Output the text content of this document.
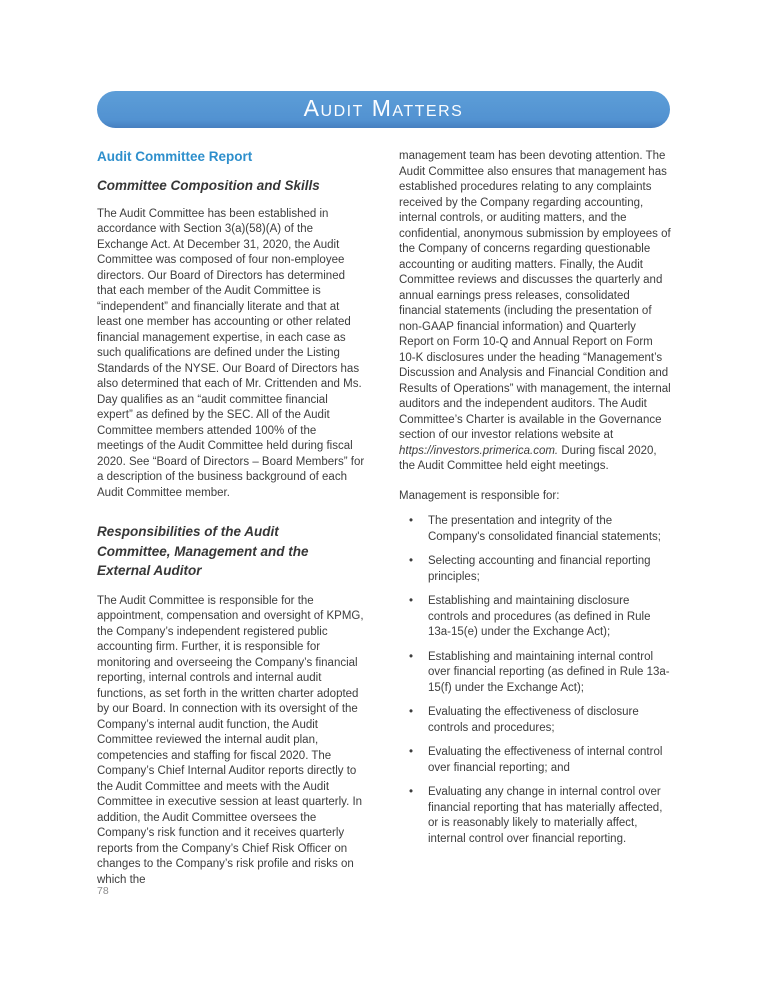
Audit Matters
Audit Committee Report
Committee Composition and Skills

The Audit Committee has been established in accordance with Section 3(a)(58)(A) of the Exchange Act. At December 31, 2020, the Audit Committee was composed of four non-employee directors. Our Board of Directors has determined that each member of the Audit Committee is “independent” and financially literate and that at least one member has accounting or other related financial management expertise, in each case as such qualifications are defined under the Listing Standards of the NYSE. Our Board of Directors has also determined that each of Mr. Crittenden and Ms. Day qualifies as an “audit committee financial expert” as defined by the SEC. All of the Audit Committee members attended 100% of the meetings of the Audit Committee held during fiscal 2020. See “Board of Directors – Board Members” for a description of the business background of each Audit Committee member.

Responsibilities of the Audit Committee, Management and the External Auditor

The Audit Committee is responsible for the appointment, compensation and oversight of KPMG, the Company’s independent registered public accounting firm. Further, it is responsible for monitoring and overseeing the Company’s financial reporting, internal controls and internal audit functions, as set forth in the written charter adopted by our Board. In connection with its oversight of the Company’s internal audit function, the Audit Committee reviewed the internal audit plan, competencies and staffing for fiscal 2020. The Company’s Chief Internal Auditor reports directly to the Audit Committee and meets with the Audit Committee in executive session at least quarterly. In addition, the Audit Committee oversees the Company’s risk function and it receives quarterly reports from the Company’s Chief Risk Officer on changes to the Company’s risk profile and risks on which the

management team has been devoting attention. The Audit Committee also ensures that management has established procedures relating to any complaints received by the Company regarding accounting, internal controls, or auditing matters, and the confidential, anonymous submission by employees of the Company of concerns regarding questionable accounting or auditing matters. Finally, the Audit Committee reviews and discusses the quarterly and annual earnings press releases, consolidated financial statements (including the presentation of non-GAAP financial information) and Quarterly Report on Form 10-Q and Annual Report on Form 10-K disclosures under the heading “Management’s Discussion and Analysis and Financial Condition and Results of Operations” with management, the internal auditors and the independent auditors. The Audit Committee’s Charter is available in the Governance section of our investor relations website at https://investors.primerica.com. During fiscal 2020, the Audit Committee held eight meetings.

Management is responsible for:

•	The presentation and integrity of the Company's consolidated financial statements;
•	Selecting accounting and financial reporting principles;
•	Establishing and maintaining disclosure controls and procedures (as defined in Rule 13a-15(e) under the Exchange Act);
•	Establishing and maintaining internal control over financial reporting (as defined in Rule 13a-15(f) under the Exchange Act);
•	Evaluating the effectiveness of disclosure controls and procedures;
•	Evaluating the effectiveness of internal control over financial reporting; and
•	Evaluating any change in internal control over financial reporting that has materially affected, or is reasonably likely to materially affect, internal control over financial reporting.
78
